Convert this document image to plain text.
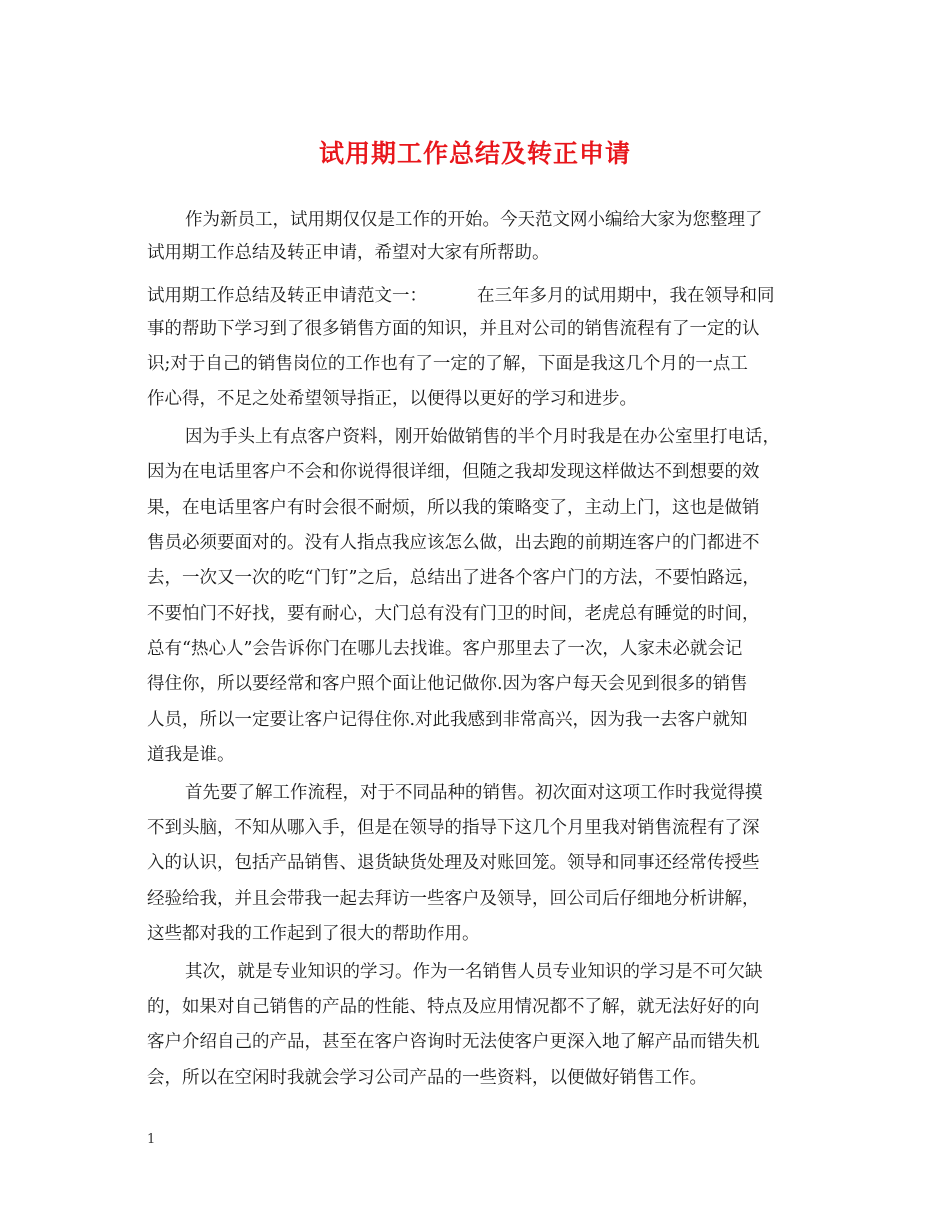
试用期工作总结及转正申请
作为新员工，试用期仅仅是工作的开始。今天范文网小编给大家为您整理了
试用期工作总结及转正申请，希望对大家有所帮助。
试用期工作总结及转正申请范文一：	在三年多月的试用期中，我在领导和同
事的帮助下学习到了很多销售方面的知识，并且对公司的销售流程有了一定的认
识;对于自己的销售岗位的工作也有了一定的了解，下面是我这几个月的一点工
作心得，不足之处希望领导指正，以便得以更好的学习和进步。
因为手头上有点客户资料，刚开始做销售的半个月时我是在办公室里打电话，
因为在电话里客户不会和你说得很详细，但随之我却发现这样做达不到想要的效
果，在电话里客户有时会很不耐烦，所以我的策略变了，主动上门，这也是做销
售员必须要面对的。没有人指点我应该怎么做，出去跑的前期连客户的门都进不
去，一次又一次的吃“门钉”之后，总结出了进各个客户门的方法，不要怕路远，
不要怕门不好找，要有耐心，大门总有没有门卫的时间，老虎总有睡觉的时间，
总有“热心人”会告诉你门在哪儿去找谁。客户那里去了一次，人家未必就会记
得住你，所以要经常和客户照个面让他记做你.因为客户每天会见到很多的销售
人员，所以一定要让客户记得住你.对此我感到非常高兴，因为我一去客户就知
道我是谁。
首先要了解工作流程，对于不同品种的销售。初次面对这项工作时我觉得摸
不到头脑，不知从哪入手，但是在领导的指导下这几个月里我对销售流程有了深
入的认识，包括产品销售、退货缺货处理及对账回笼。领导和同事还经常传授些
经验给我，并且会带我一起去拜访一些客户及领导，回公司后仔细地分析讲解，
这些都对我的工作起到了很大的帮助作用。
其次，就是专业知识的学习。作为一名销售人员专业知识的学习是不可欠缺
的，如果对自己销售的产品的性能、特点及应用情况都不了解，就无法好好的向
客户介绍自己的产品，甚至在客户咨询时无法使客户更深入地了解产品而错失机
会，所以在空闲时我就会学习公司产品的一些资料，以便做好销售工作。
1
